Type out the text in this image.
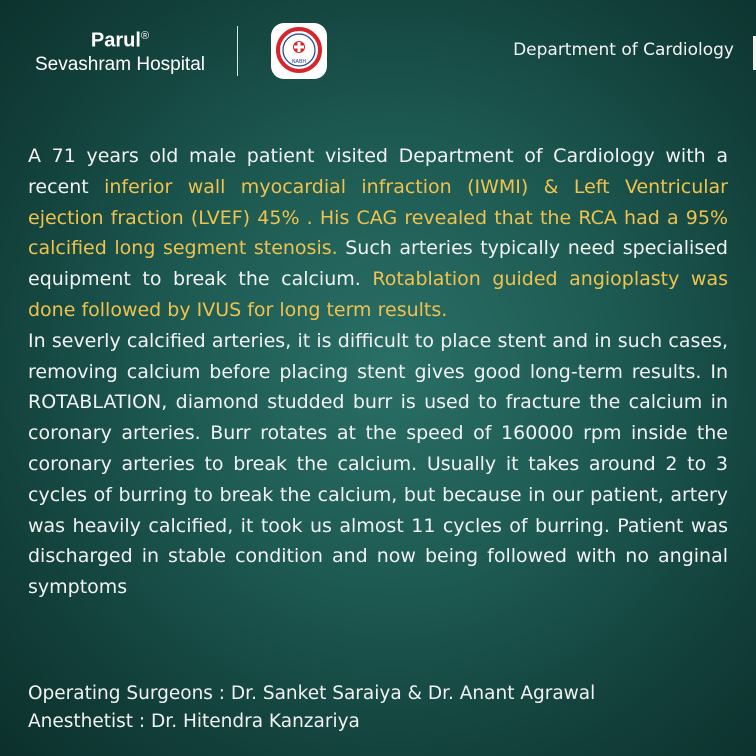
Parul®
Sevashram Hospital	NABH
Department of Cardiology

A 71 years old male patient visited Department of Cardiology with a recent inferior wall myocardial infraction (IWMI) & Left Ventricular ejection fraction (LVEF) 45% . His CAG revealed that the RCA had a 95% calcified long segment stenosis. Such arteries typically need specialised equipment to break the calcium. Rotablation guided angioplasty was done followed by IVUS for long term results.

In severly calcified arteries, it is difficult to place stent and in such cases, removing calcium before placing stent gives good long-term results. In ROTABLATION, diamond studded burr is used to fracture the calcium in coronary arteries. Burr rotates at the speed of 160000 rpm inside the coronary arteries to break the calcium. Usually it takes around 2 to 3 cycles of burring to break the calcium, but because in our patient, artery was heavily calcified, it took us almost 11 cycles of burring. Patient was discharged in stable condition and now being followed with no anginal symptoms

Operating Surgeons : Dr. Sanket Saraiya & Dr. Anant Agrawal
Anesthetist : Dr. Hitendra Kanzariya
